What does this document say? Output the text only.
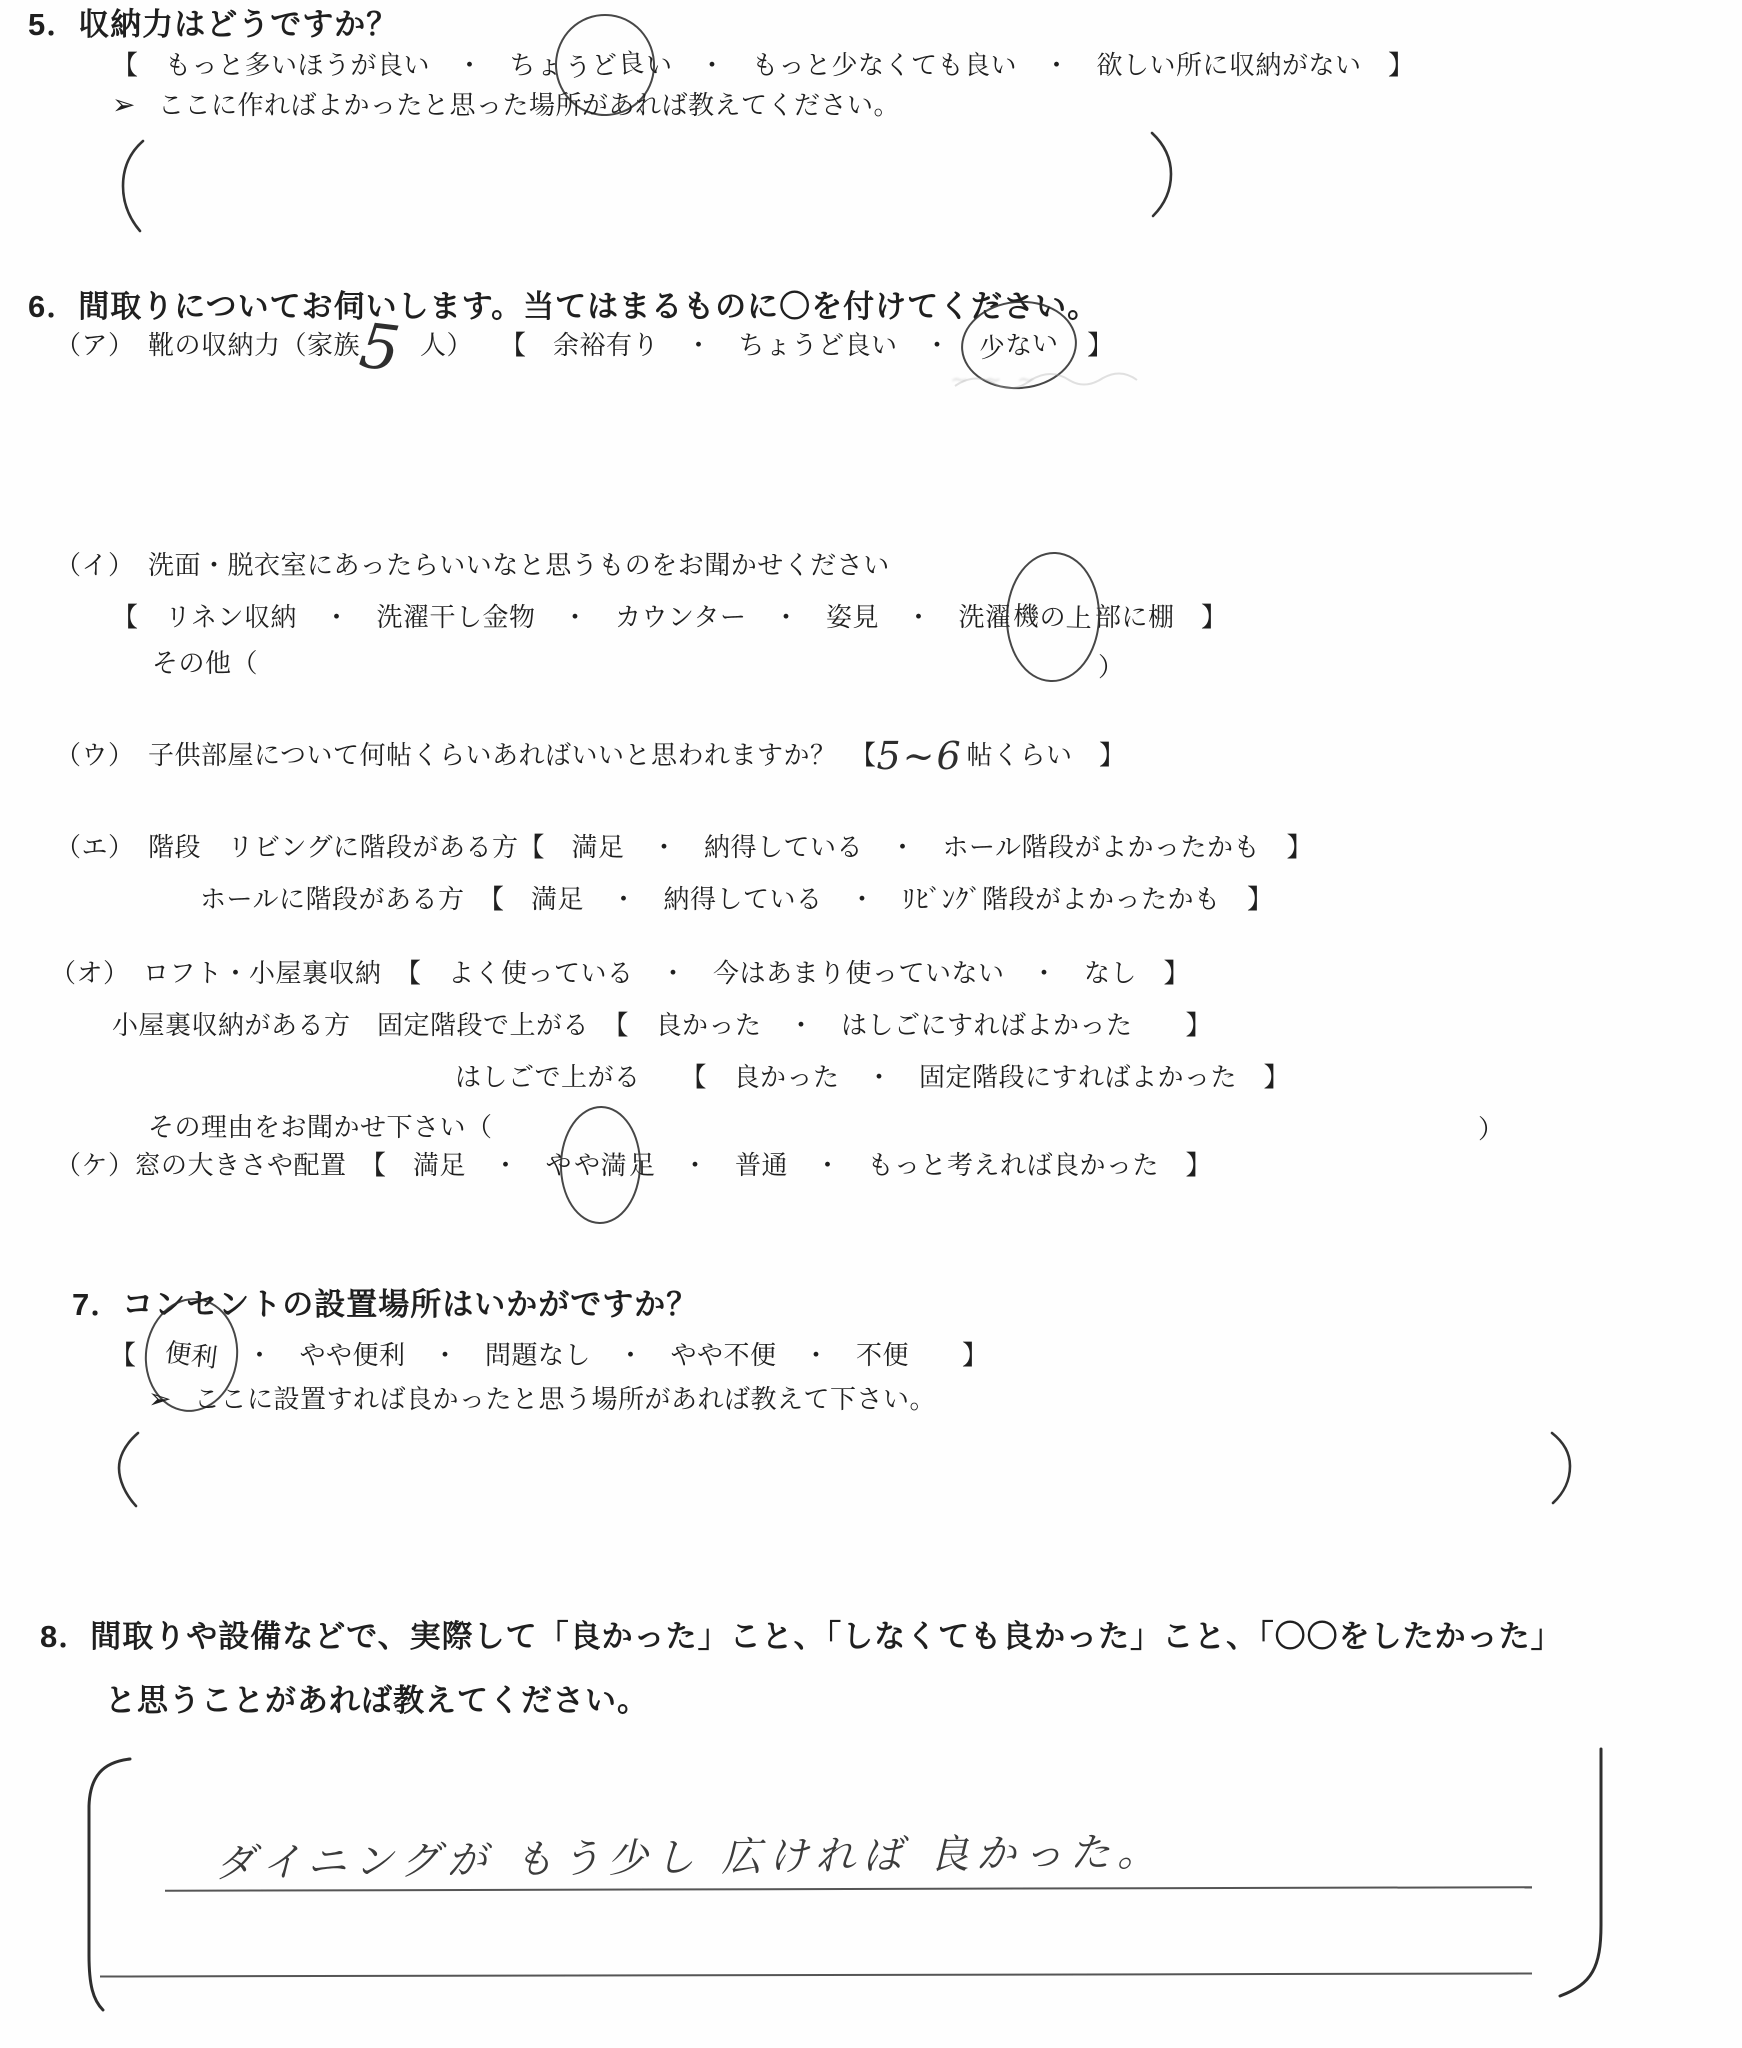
5．収納力はどうですか？
【　もっと多いほうが良い　・　ちょうど良い　・　もっと少なくても良い　・　欲しい所に収納がない　】
➢ ここに作ればよかったと思った場所があれば教えてください。
6．間取りについてお伺いします。当てはまるものに〇を付けてください。
（ア）　靴の収納力（家族5 人）　　【　余裕有り　・　ちょうど良い　・　少ない　】
~ ~ ~
（イ）　洗面・脱衣室にあったらいいなと思うものをお聞かせください
【　リネン収納　・　洗濯干し金物　・　カウンター　・　姿見　・　洗濯機の上部に棚　】
その他（	）
（ウ）　子供部屋について何帖くらいあればいいと思われますか？　【5~6 帖くらい　】
（エ）　階段　リビングに階段がある方【　満足　・　納得している　・　ホール階段がよかったかも　】
ホールに階段がある方　【　満足　・　納得している　・　ﾘﾋﾞﾝｸﾞ階段がよかったかも　】
（オ）　ロフト・小屋裏収納　【　よく使っている　・　今はあまり使っていない　・　なし　】
小屋裏収納がある方　固定階段で上がる　【　良かった　・　はしごにすればよかった　　】
はしごで上がる　　【　良かった　・　固定階段にすればよかった　】
その理由をお聞かせ下さい（	）
（ケ）窓の大きさや配置　【　満足　・　やや満足　・　普通　・　もっと考えれば良かった　】
7．コンセントの設置場所はいかがですか？
【　便利　・　やや便利　・　問題なし　・　やや不便　・　不便　　】
➢ ここに設置すれば良かったと思う場所があれば教えて下さい。
8．間取りや設備などで、実際して「良かった」こと、「しなくても良かった」こと、「〇〇をしたかった」
と思うことがあれば教えてください。
ダイニングが もう少し 広ければ 良かった。
